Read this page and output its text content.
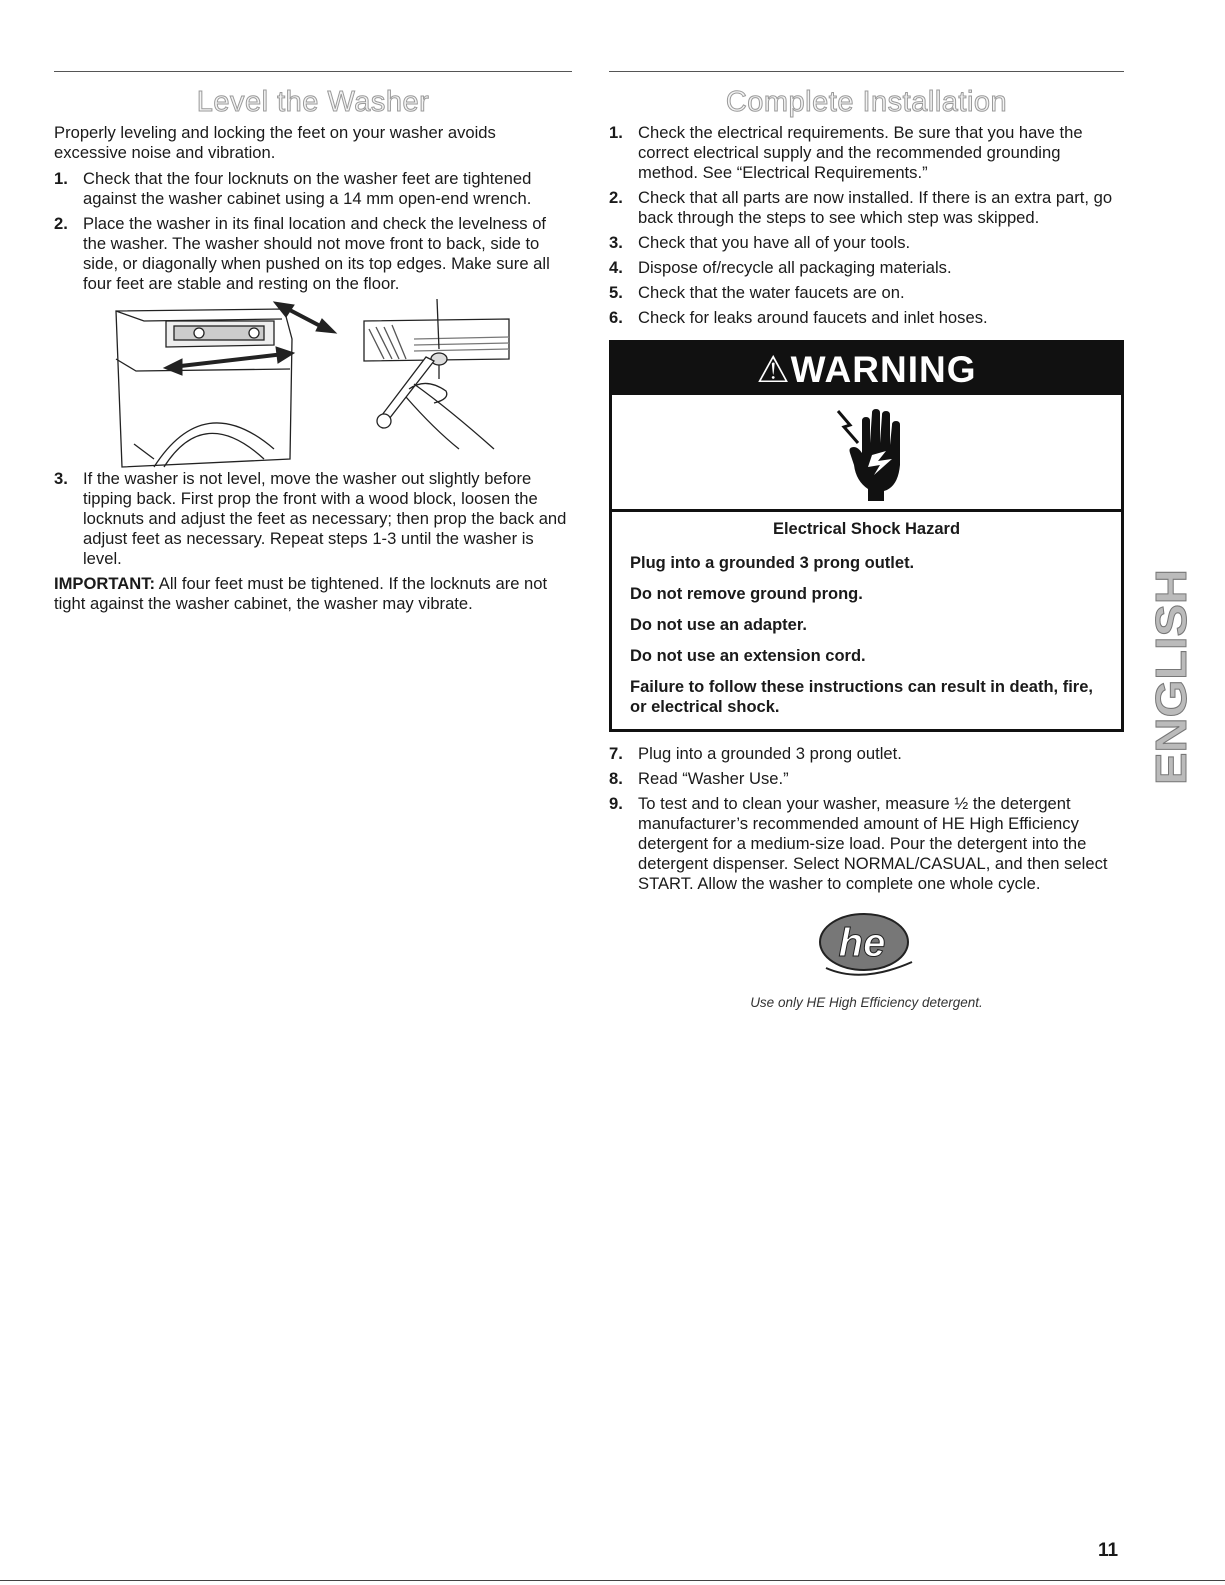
Level the Washer

Properly leveling and locking the feet on your washer avoids excessive noise and vibration.

1. Check that the four locknuts on the washer feet are tightened against the washer cabinet using a 14 mm open-end wrench.
2. Place the washer in its final location and check the levelness of the washer. The washer should not move front to back, side to side, or diagonally when pushed on its top edges. Make sure all four feet are stable and resting on the floor.
3. If the washer is not level, move the washer out slightly before tipping back. First prop the front with a wood block, loosen the locknuts and adjust the feet as necessary; then prop the back and adjust feet as necessary. Repeat steps 1-3 until the washer is level.

IMPORTANT: All four feet must be tightened. If the locknuts are not tight against the washer cabinet, the washer may vibrate.

Complete Installation
1. Check the electrical requirements. Be sure that you have the correct electrical supply and the recommended grounding method. See “Electrical Requirements.”
2. Check that all parts are now installed. If there is an extra part, go back through the steps to see which step was skipped.
3. Check that you have all of your tools.
4. Dispose of/recycle all packaging materials.
5. Check that the water faucets are on.
6. Check for leaks around faucets and inlet hoses.
⚠WARNING
Electrical Shock Hazard
Plug into a grounded 3 prong outlet.
Do not remove ground prong.
Do not use an adapter.
Do not use an extension cord.
Failure to follow these instructions can result in death, fire, or electrical shock.
7. Plug into a grounded 3 prong outlet.
8. Read “Washer Use.”
9. To test and to clean your washer, measure ½ the detergent manufacturer’s recommended amount of HE High Efficiency detergent for a medium-size load. Pour the detergent into the detergent dispenser. Select NORMAL/CASUAL, and then select START. Allow the washer to complete one whole cycle.
he
Use only HE High Efficiency detergent.
ENGLISH
11
